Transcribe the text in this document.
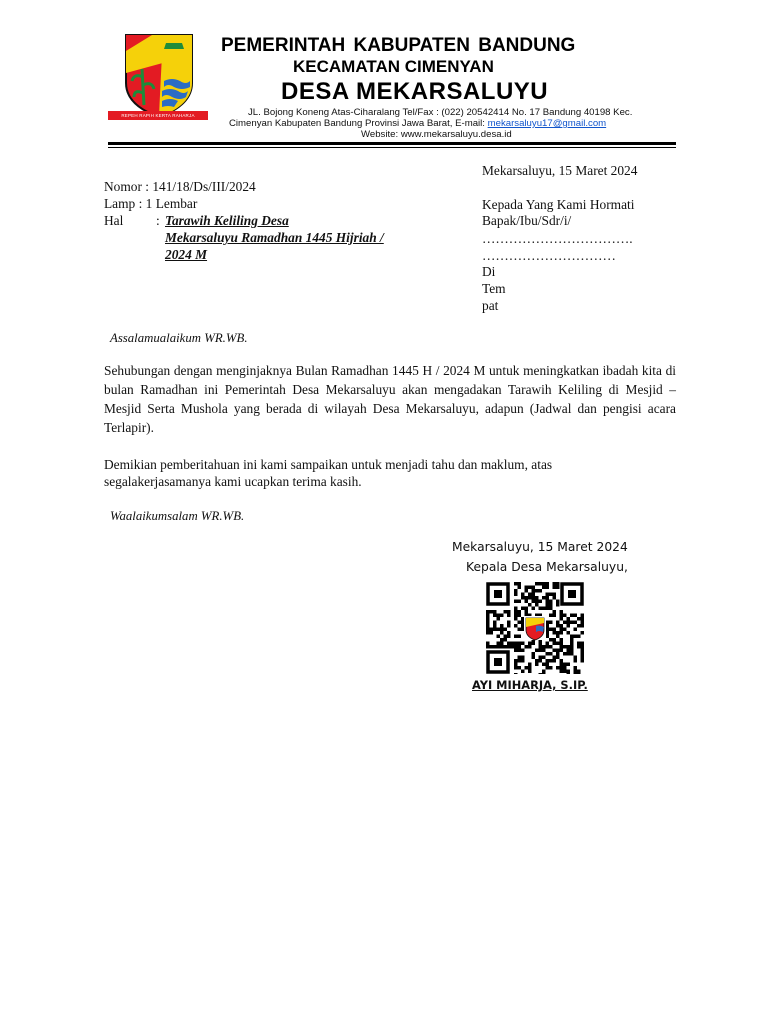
REPEH RAPIH KERTA RAHARJA
PEMERINTAH KABUPATEN BANDUNG
KECAMATAN CIMENYAN
DESA MEKARSALUYU
JL. Bojong Koneng Atas-Ciharalang Tel/Fax : (022) 20542414 No. 17 Bandung 40198 Kec.
Cimenyan Kabupaten Bandung Provinsi Jawa Barat, E-mail: mekarsaluyu17@gmail.com
Website: www.mekarsaluyu.desa.id
Mekarsaluyu, 15 Maret 2024
Nomor : 141/18/Ds/III/2024
Lamp : 1 Lembar
Hal : Tarawih Keliling Desa
Mekarsaluyu Ramadhan 1445 Hijriah /
2024 M
Kepada Yang Kami Hormati
Bapak/Ibu/Sdr/i/
…………………………….
…………………………
Di
Tem
pat
Assalamualaikum WR.WB.
Sehubungan dengan menginjaknya Bulan Ramadhan 1445 H / 2024 M untuk meningkatkan ibadah kita di bulan Ramadhan ini Pemerintah Desa Mekarsaluyu akan mengadakan Tarawih Keliling di Mesjid – Mesjid Serta Mushola yang berada di wilayah Desa Mekarsaluyu, adapun (Jadwal dan pengisi acara Terlapir).
Demikian pemberitahuan ini kami sampaikan untuk menjadi tahu dan maklum, atas
segalakerjasamanya kami ucapkan terima kasih.
Waalaikumsalam WR.WB.
Mekarsaluyu, 15 Maret 2024
Kepala Desa Mekarsaluyu,
AYI MIHARJA, S.IP.
